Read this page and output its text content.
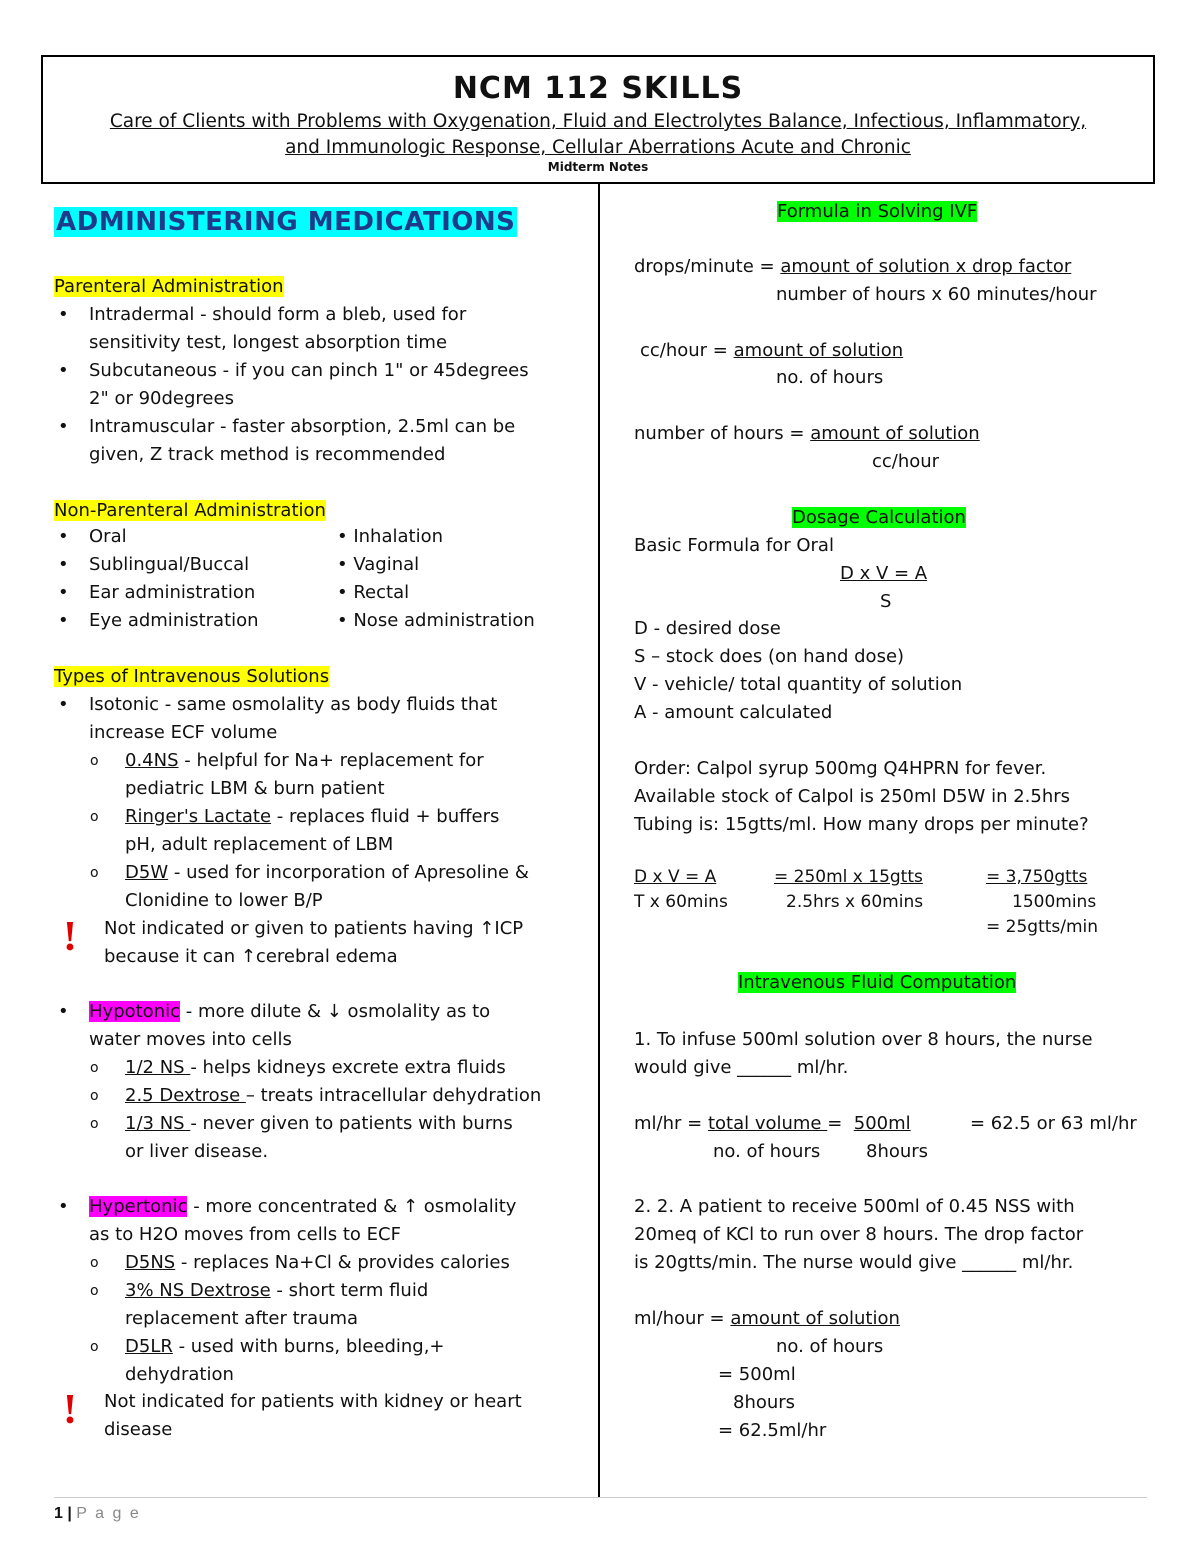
NCM 112 SKILLS
Care of Clients with Problems with Oxygenation, Fluid and Electrolytes Balance, Infectious, Inflammatory,
and Immunologic Response, Cellular Aberrations Acute and Chronic
Midterm Notes
ADMINISTERING MEDICATIONS
Parenteral Administration
• Intradermal - should form a bleb, used for
sensitivity test, longest absorption time
• Subcutaneous - if you can pinch 1" or 45degrees
2" or 90degrees
• Intramuscular - faster absorption, 2.5ml can be
given, Z track method is recommended
Non-Parenteral Administration
•
•
•
•
Oral
Sublingual/Buccal
Ear administration
Eye administration
• Inhalation
• Vaginal
• Rectal
• Nose administration
Types of Intravenous Solutions
• Isotonic - same osmolality as body fluids that
increase ECF volume
o

o

o
0.4NS - helpful for Na+ replacement for
pediatric LBM & burn patient
Ringer's Lactate - replaces fluid + buffers
pH, adult replacement of LBM
D5W - used for incorporation of Apresoline &
Clonidine to lower B/P
! Not indicated or given to patients having ↑ICP
because it can ↑cerebral edema
• Hypotonic - more dilute & ↓ osmolality as to
water moves into cells
o
o
o
1/2 NS - helps kidneys excrete extra fluids
2.5 Dextrose – treats intracellular dehydration
1/3 NS - never given to patients with burns
or liver disease.
• Hypertonic - more concentrated & ↑ osmolality
as to H2O moves from cells to ECF
o
o

o
D5NS - replaces Na+Cl & provides calories
3% NS Dextrose - short term fluid
replacement after trauma
D5LR - used with burns, bleeding,+
dehydration
! Not indicated for patients with kidney or heart
disease
Formula in Solving IVF
drops/minute = amount of solution x drop factor
number of hours x 60 minutes/hour
cc/hour = amount of solution
no. of hours
number of hours = amount of solution
cc/hour
Dosage Calculation
Basic Formula for Oral
D x V = A
S
D - desired dose
S – stock does (on hand dose)
V - vehicle/ total quantity of solution
A - amount calculated
Order: Calpol syrup 500mg Q4HPRN for fever.
Available stock of Calpol is 250ml D5W in 2.5hrs
Tubing is: 15gtts/ml. How many drops per minute?
D x V = A
T x 60mins
= 250ml x 15gtts
2.5hrs x 60mins
= 3,750gtts
1500mins
= 25gtts/min
Intravenous Fluid Computation
1. To infuse 500ml solution over 8 hours, the nurse
would give ______ ml/hr.
ml/hr = total volume =  500ml	= 62.5 or 63 ml/hr
no. of hours	8hours
2. 2. A patient to receive 500ml of 0.45 NSS with
20meq of KCl to run over 8 hours. The drop factor
is 20gtts/min. The nurse would give ______ ml/hr.
ml/hour = amount of solution
no. of hours
= 500ml
8hours
= 62.5ml/hr
1 | P a g e
